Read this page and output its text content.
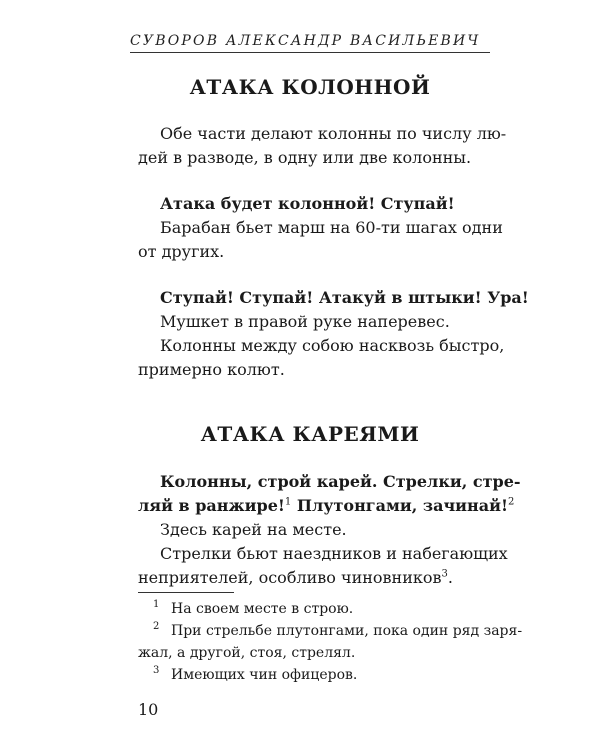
СУВОРОВ АЛЕКСАНДР ВАСИЛЬЕВИЧ
АТАКА КОЛОННОЙ

Обе части делают колонны по числу лю-

дей в разводе, в одну или две колонны.

Атака будет колонной! Ступай!

Барабан бьет марш на 60-ти шагах одни

от других.

Ступай! Ступай! Атакуй в штыки! Ура!

Мушкет в правой руке наперевес.

Колонны между собою насквозь быстро,

примерно колют.

АТАКА КАРЕЯМИ

Колонны, строй карей. Стрелки, стре-

ляй в ранжире!$^1$ Плутонгами, зачинай!$^2$

Здесь карей на месте.

Стрелки бьют наездников и набегающих

неприятелей, особливо чиновников$^3$.

1 На своем месте в строю.
2 При стрельбе плутонгами, пока один ряд заря-
жал, а другой, стоя, стрелял.
3 Имеющих чин офицеров.
10
